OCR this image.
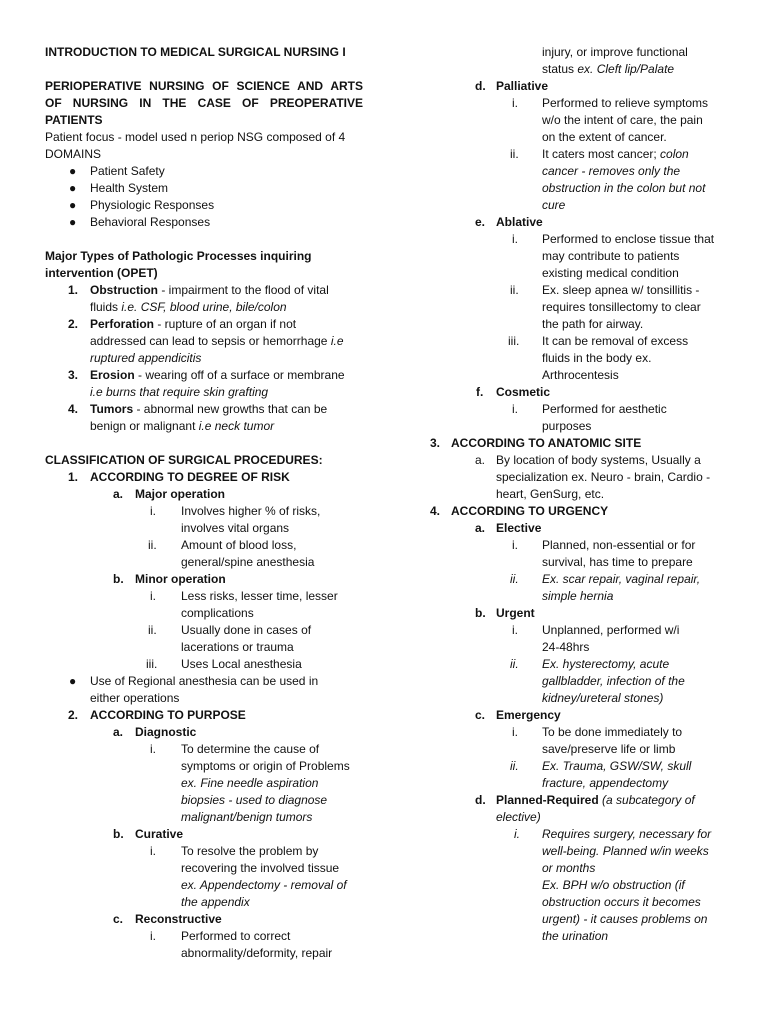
INTRODUCTION TO MEDICAL SURGICAL NURSING I

PERIOPERATIVE NURSING OF SCIENCE AND ARTS

OF NURSING IN THE CASE OF PREOPERATIVE

PATIENTS

Patient focus - model used n periop NSG composed of 4

DOMAINS

● Patient Safety

● Health System

● Physiologic Responses

● Behavioral Responses

Major Types of Pathologic Processes inquiring

intervention (OPET)

1. Obstruction - impairment to the flood of vital

fluids i.e. CSF, blood urine, bile/colon

2. Perforation - rupture of an organ if not

addressed can lead to sepsis or hemorrhage i.e

ruptured appendicitis

3. Erosion - wearing off of a surface or membrane

i.e burns that require skin grafting

4. Tumors - abnormal new growths that can be

benign or malignant i.e neck tumor

CLASSIFICATION OF SURGICAL PROCEDURES:

1. ACCORDING TO DEGREE OF RISK

a. Major operation

i. Involves higher % of risks,

involves vital organs

ii. Amount of blood loss,

general/spine anesthesia

b. Minor operation

i. Less risks, lesser time, lesser

complications

ii. Usually done in cases of

lacerations or trauma

iii. Uses Local anesthesia

● Use of Regional anesthesia can be used in

either operations

2. ACCORDING TO PURPOSE

a. Diagnostic

i. To determine the cause of

symptoms or origin of Problems

ex. Fine needle aspiration

biopsies - used to diagnose

malignant/benign tumors

b. Curative

i. To resolve the problem by

recovering the involved tissue

ex. Appendectomy - removal of

the appendix

c. Reconstructive

i. Performed to correct

abnormality/deformity, repair

injury, or improve functional

status ex. Cleft lip/Palate

d. Palliative

i. Performed to relieve symptoms

w/o the intent of care, the pain

on the extent of cancer.

ii. It caters most cancer; colon

cancer - removes only the

obstruction in the colon but not

cure

e. Ablative

i. Performed to enclose tissue that

may contribute to patients

existing medical condition

ii. Ex. sleep apnea w/ tonsillitis -

requires tonsillectomy to clear

the path for airway.

iii. It can be removal of excess

fluids in the body ex.

Arthrocentesis

f. Cosmetic

i. Performed for aesthetic

purposes

3. ACCORDING TO ANATOMIC SITE

a. By location of body systems, Usually a

specialization ex. Neuro - brain, Cardio -

heart, GenSurg, etc.

4. ACCORDING TO URGENCY

a. Elective

i. Planned, non-essential or for

survival, has time to prepare

ii. Ex. scar repair, vaginal repair,

simple hernia

b. Urgent

i. Unplanned, performed w/i

24-48hrs

ii. Ex. hysterectomy, acute

gallbladder, infection of the

kidney/ureteral stones)

c. Emergency

i. To be done immediately to

save/preserve life or limb

ii. Ex. Trauma, GSW/SW, skull

fracture, appendectomy

d. Planned-Required (a subcategory of

elective)

i. Requires surgery, necessary for

well-being. Planned w/in weeks

or months

Ex. BPH w/o obstruction (if

obstruction occurs it becomes

urgent) - it causes problems on

the urination
